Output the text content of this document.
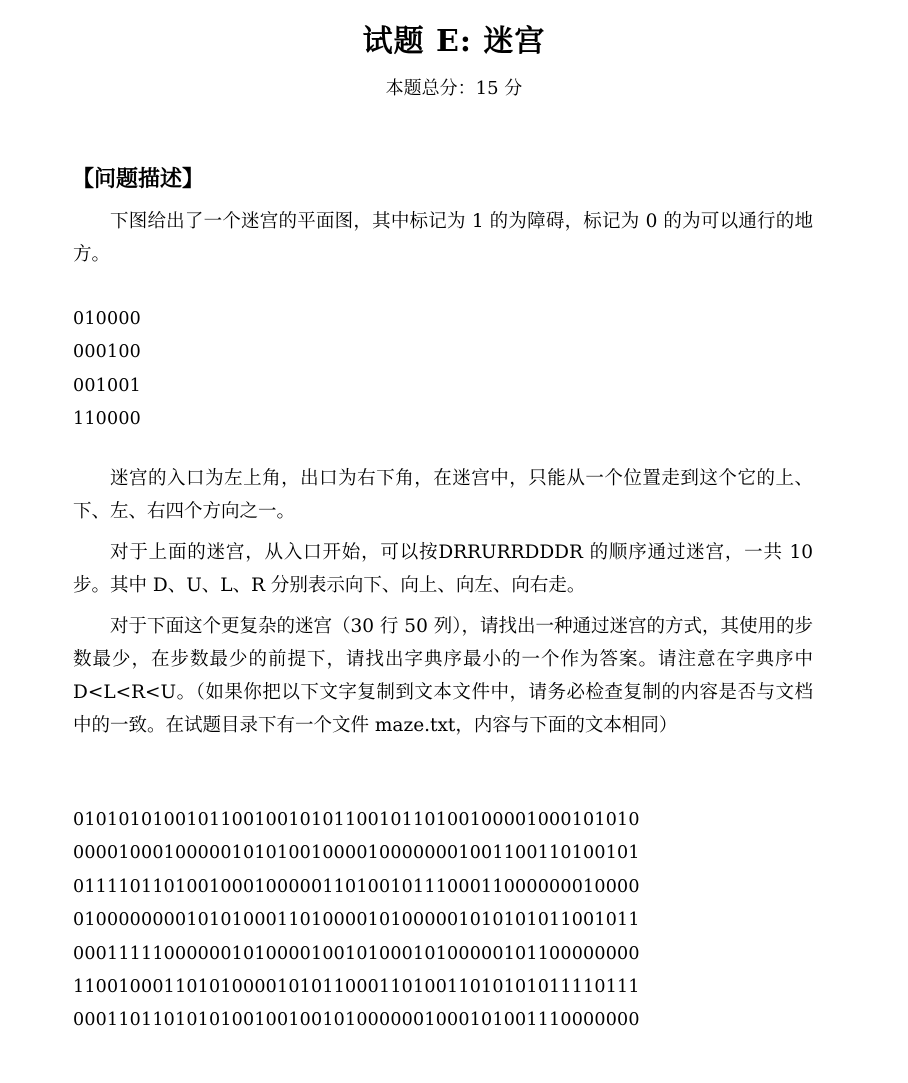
试题 E: 迷宫
本题总分：15 分
【问题描述】

下图给出了一个迷宫的平面图，其中标记为 1 的为障碍，标记为 0 的为可以通行的地方。

010000
000100
001001
110000

迷宫的入口为左上角，出口为右下角，在迷宫中，只能从一个位置走到这个它的上、下、左、右四个方向之一。

对于上面的迷宫，从入口开始，可以按DRRURRDDDR 的顺序通过迷宫，一共 10 步。其中 D、U、L、R 分别表示向下、向上、向左、向右走。

对于下面这个更复杂的迷宫（30 行 50 列），请找出一种通过迷宫的方式，其使用的步数最少，在步数最少的前提下，请找出字典序最小的一个作为答案。请注意在字典序中D<L<R<U。（如果你把以下文字复制到文本文件中，请务必检查复制的内容是否与文档中的一致。在试题目录下有一个文件 maze.txt，内容与下面的文本相同）

01010101001011001001010110010110100100001000101010
00001000100000101010010000100000001001100110100101
01111011010010001000001101001011100011000000010000
01000000001010100011010000101000001010101011001011
00011111000000101000010010100010100000101100000000
11001000110101000010101100011010011010101011110111
00011011010101001001001010000001000101001110000000
